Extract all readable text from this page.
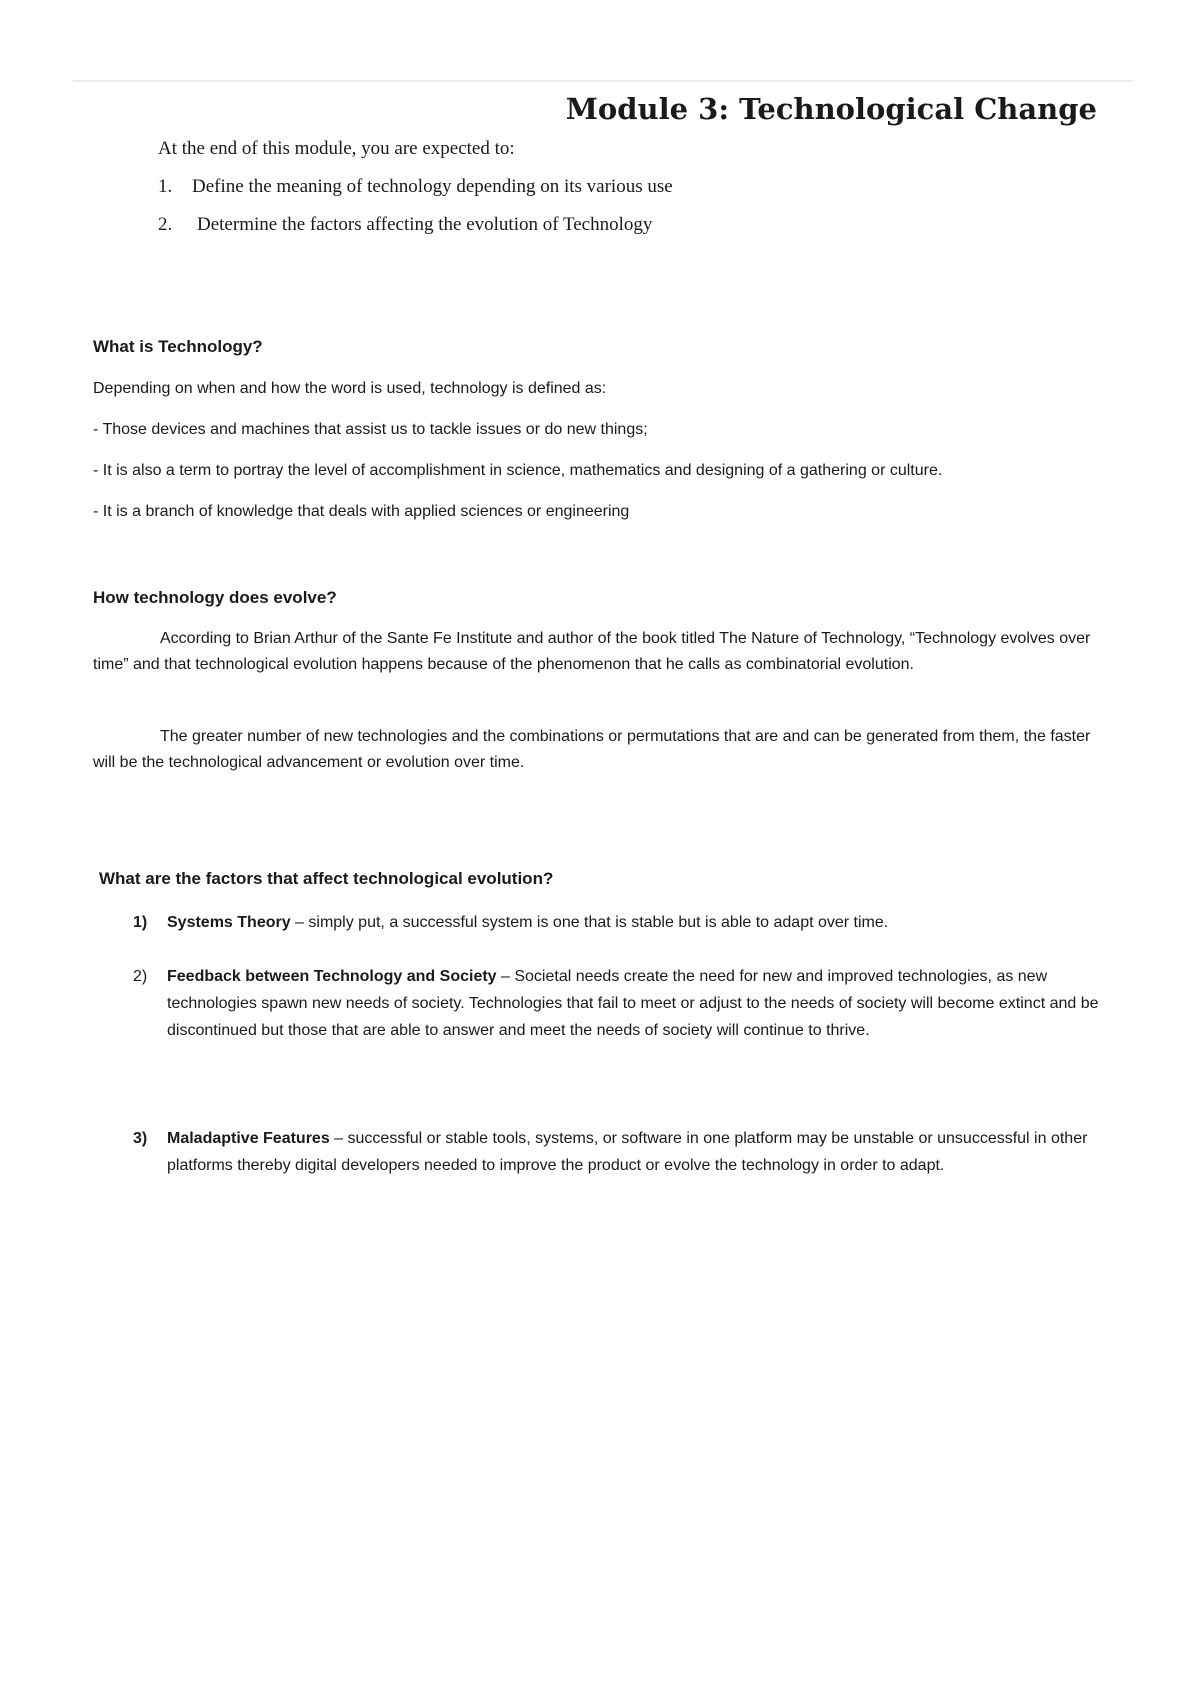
Module 3: Technological Change

At the end of this module, you are expected to:

1. Define the meaning of technology depending on its various use
2. Determine the factors affecting the evolution of Technology
What is Technology?

Depending on when and how the word is used, technology is defined as:

- Those devices and machines that assist us to tackle issues or do new things;

- It is also a term to portray the level of accomplishment in science, mathematics and designing of a gathering or culture.

- It is a branch of knowledge that deals with applied sciences or engineering

How technology does evolve?

According to Brian Arthur of the Sante Fe Institute and author of the book titled The Nature of Technology, “Technology evolves over time” and that technological evolution happens because of the phenomenon that he calls as combinatorial evolution.

The greater number of new technologies and the combinations or permutations that are and can be generated from them, the faster will be the technological advancement or evolution over time.

What are the factors that affect technological evolution?
1)	Systems Theory – simply put, a successful system is one that is stable but is able to adapt over time.
2)	Feedback between Technology and Society – Societal needs create the need for new and improved technologies, as new technologies spawn new needs of society. Technologies that fail to meet or adjust to the needs of society will become extinct and be discontinued but those that are able to answer and meet the needs of society will continue to thrive.
3)	Maladaptive Features – successful or stable tools, systems, or software in one platform may be unstable or unsuccessful in other platforms thereby digital developers needed to improve the product or evolve the technology in order to adapt.
